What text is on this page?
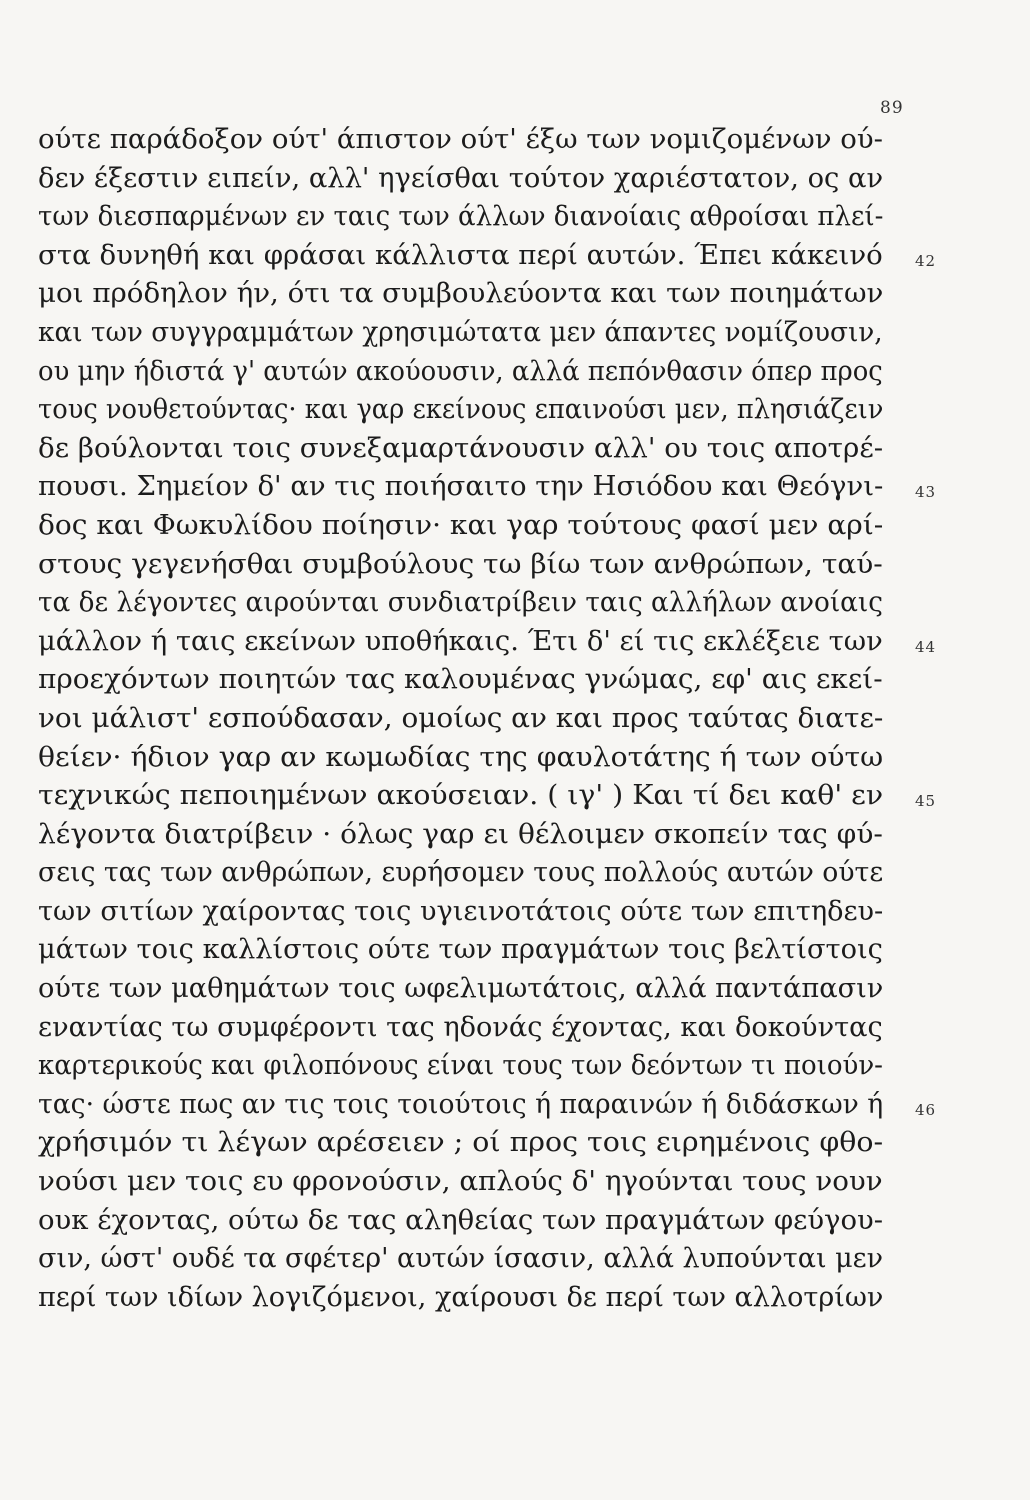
89
ούτε παράδοξον ούτ' άπιστον ούτ' έξω των νομιζομένων ού-
δεν έξεστιν ειπείν, αλλ' ηγείσθαι τούτον χαριέστατον, ος αν
των διεσπαρμένων εν ταις των άλλων διανοίαις αθροίσαι πλεί-
στα δυνηθή και φράσαι κάλλιστα περί αυτών. Έπει κάκεινό 42
μοι πρόδηλον ήν, ότι τα συμβουλεύοντα και των ποιημάτων
και των συγγραμμάτων χρησιμώτατα μεν άπαντες νομίζουσιν,
ου μην ήδιστά γ' αυτών ακούουσιν, αλλά πεπόνθασιν όπερ προς
τους νουθετούντας· και γαρ εκείνους επαινούσι μεν, πλησιάζειν
δε βούλονται τοις συνεξαμαρτάνουσιν αλλ' ου τοις αποτρέ-
πουσι. Σημείον δ' αν τις ποιήσαιτο την Ησιόδου και Θεόγνι- 43
δος και Φωκυλίδου ποίησιν· και γαρ τούτους φασί μεν αρί-
στους γεγενήσθαι συμβούλους τω βίω των ανθρώπων, ταύ-
τα δε λέγοντες αιρούνται συνδιατρίβειν ταις αλλήλων ανοίαις
μάλλον ή ταις εκείνων υποθήκαις. Έτι δ' εί τις εκλέξειε των 44
προεχόντων ποιητών τας καλουμένας γνώμας, εφ' αις εκεί-
νοι μάλιστ' εσπούδασαν, ομοίως αν και προς ταύτας διατε-
θείεν· ήδιον γαρ αν κωμωδίας της φαυλοτάτης ή των ούτω
τεχνικώς πεποιημένων ακούσειαν. ( ιγ' ) Και τί δει καθ' εν 45
λέγοντα διατρίβειν · όλως γαρ ει θέλοιμεν σκοπείν τας φύ-
σεις τας των ανθρώπων, ευρήσομεν τους πολλούς αυτών ούτε
των σιτίων χαίροντας τοις υγιεινοτάτοις ούτε των επιτηδευ-
μάτων τοις καλλίστοις ούτε των πραγμάτων τοις βελτίστοις
ούτε των μαθημάτων τοις ωφελιμωτάτοις, αλλά παντάπασιν
εναντίας τω συμφέροντι τας ηδονάς έχοντας, και δοκούντας
καρτερικούς και φιλοπόνους είναι τους των δεόντων τι ποιούν-
τας· ώστε πως αν τις τοις τοιούτοις ή παραινών ή διδάσκων ή 46
χρήσιμόν τι λέγων αρέσειεν ; οί προς τοις ειρημένοις φθο-
νούσι μεν τοις ευ φρονούσιν, απλούς δ' ηγούνται τους νουν
ουκ έχοντας, ούτω δε τας αληθείας των πραγμάτων φεύγου-
σιν, ώστ' ουδέ τα σφέτερ' αυτών ίσασιν, αλλά λυπούνται μεν
περί των ιδίων λογιζόμενοι, χαίρουσι δε περί των αλλοτρίων
